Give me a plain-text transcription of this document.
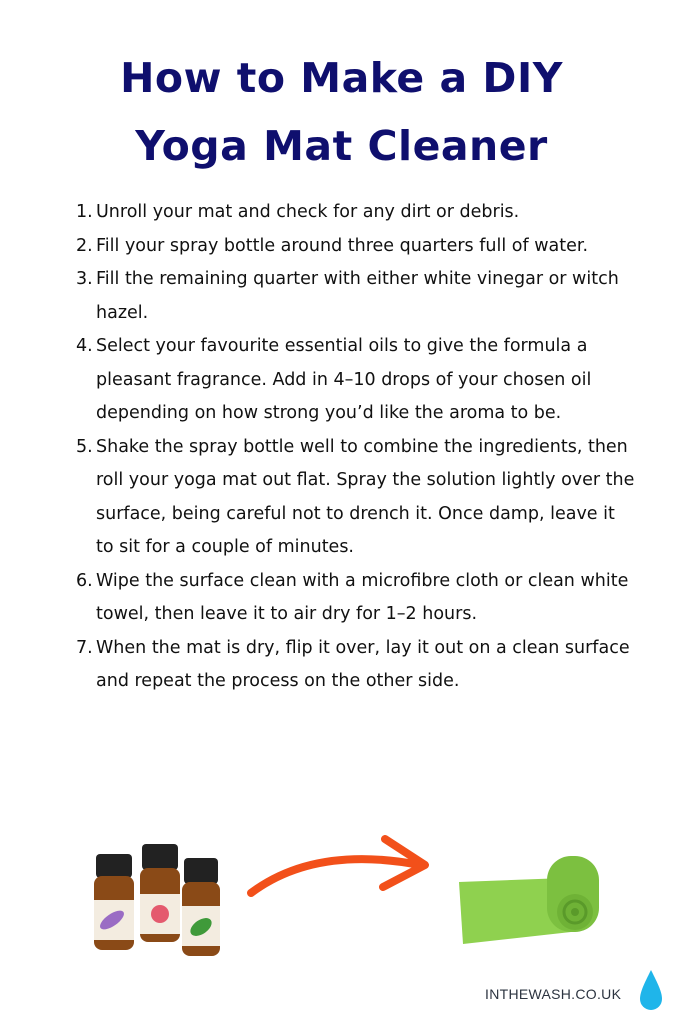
How to Make a DIY
Yoga Mat Cleaner
1. Unroll your mat and check for any dirt or debris.
2. Fill your spray bottle around three quarters full of water.
3. Fill the remaining quarter with either white vinegar or witch hazel.
4. Select your favourite essential oils to give the formula a pleasant fragrance. Add in 4–10 drops of your chosen oil depending on how strong you’d like the aroma to be.
5. Shake the spray bottle well to combine the ingredients, then roll your yoga mat out flat. Spray the solution lightly over the surface, being careful not to drench it. Once damp, leave it to sit for a couple of minutes.
6. Wipe the surface clean with a microfibre cloth or clean white towel, then leave it to air dry for 1–2 hours.
7. When the mat is dry, flip it over, lay it out on a clean surface and repeat the process on the other side.
INTHEWASH.CO.UK
